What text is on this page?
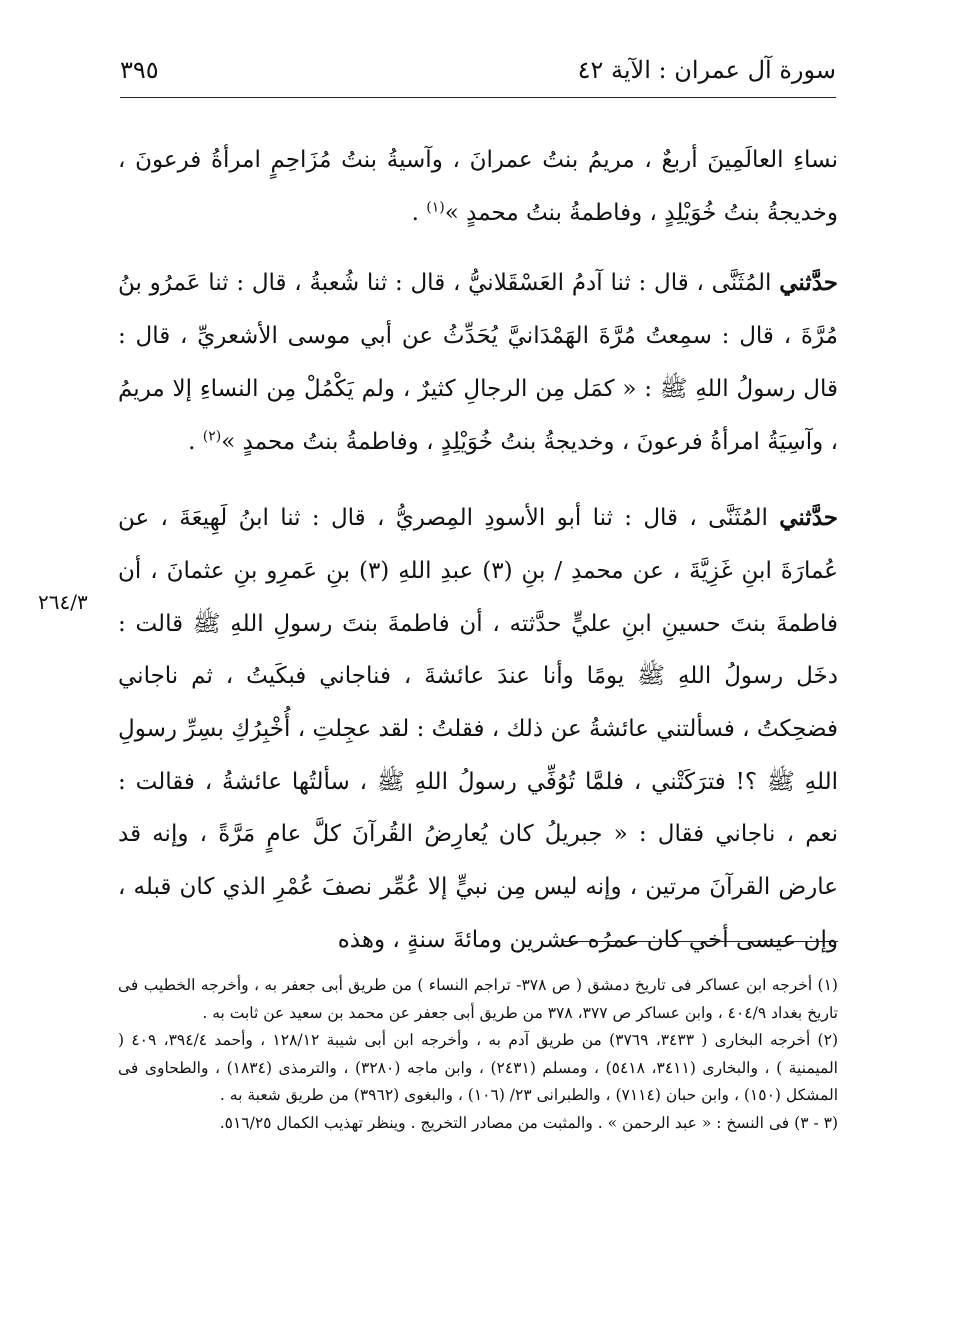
٣٩٥	سورة آل عمران : الآية ٤٢
٢٦٤/٣

نساءِ العالَمِينَ أربعٌ ، مريمُ بنتُ عمرانَ ، وآسيةُ بنتُ مُزَاحِمٍ امرأةُ فرعونَ ، وخديجةُ بنتُ خُوَيْلِدٍ ، وفاطمةُ بنتُ محمدٍ »$^{(١)}$ .

حدَّثني المُثَنَّى ، قال : ثنا آدمُ العَسْقَلانيُّ ، قال : ثنا شُعبةُ ، قال : ثنا عَمرُو بنُ مُرَّةَ ، قال : سمِعتُ مُرَّةَ الهَمْدَانيَّ يُحَدِّثُ عن أبي موسى الأشعريِّ ، قال : قال رسولُ اللهِ ﷺ : « كمَل مِن الرجالِ كثيرٌ ، ولم يَكْمُلْ مِن النساءِ إلا مريمُ ، وآسِيَةُ امرأةُ فرعونَ ، وخديجةُ بنتُ خُوَيْلِدٍ ، وفاطمةُ بنتُ محمدٍ »$^{(٢)}$ .

حدَّثني المُثَنَّى ، قال : ثنا أبو الأسودِ المِصريُّ ، قال : ثنا ابنُ لَهِيعَةَ ، عن عُمارَةَ ابنِ غَزِيَّةَ ، عن محمدِ / بنِ (٣) عبدِ اللهِ (٣) بنِ عَمرِو بنِ عثمانَ ، أن فاطمةَ بنتَ حسينِ ابنِ عليٍّ حدَّثته ، أن فاطمةَ بنتَ رسولِ اللهِ ﷺ قالت : دخَل رسولُ اللهِ ﷺ يومًا وأنا عندَ عائشةَ ، فناجاني فبكَيتُ ، ثم ناجاني فضحِكتُ ، فسألتني عائشةُ عن ذلك ، فقلتُ : لقد عجِلتِ ، أُخْبِرُكِ بسِرِّ رسولِ اللهِ ﷺ ؟! فترَكَتْني ، فلمَّا تُوُفِّي رسولُ اللهِ ﷺ ، سألتُها عائشةُ ، فقالت : نعم ، ناجاني فقال : « جبريلُ كان يُعارِضُ القُرآنَ كلَّ عامٍ مَرَّةً ، وإنه قد عارض القرآنَ مرتين ، وإنه ليس مِن نبيٍّ إلا عُمِّر نصفَ عُمْرِ الذي كان قبله ، وإن عيسى أخي كان عمرُه عشرين ومائةَ سنةٍ ، وهذه

(١) أخرجه ابن عساكر فى تاريخ دمشق ( ص ٣٧٨- تراجم النساء ) من طريق أبى جعفر به ، وأخرجه الخطيب فى تاريخ بغداد ٤٠٤/٩ ، وابن عساكر ص ٣٧٧، ٣٧٨ من طريق أبى جعفر عن محمد بن سعيد عن ثابت به .

(٢) أخرجه البخارى ( ٣٤٣٣، ٣٧٦٩) من طريق آدم به ، وأخرجه ابن أبى شيبة ١٢٨/١٢ ، وأحمد ٣٩٤/٤، ٤٠٩ ( الميمنية ) ، والبخارى (٣٤١١، ٥٤١٨) ، ومسلم (٢٤٣١) ، وابن ماجه (٣٢٨٠) ، والترمذى (١٨٣٤) ، والطحاوى فى المشكل (١٥٠) ، وابن حبان (٧١١٤) ، والطبرانى ٢٣/ (١٠٦) ، والبغوى (٣٩٦٢) من طريق شعبة به .

(٣ - ٣) فى النسخ : « عبد الرحمن » . والمثبت من مصادر التخريج . وينظر تهذيب الكمال ٥١٦/٢٥.
